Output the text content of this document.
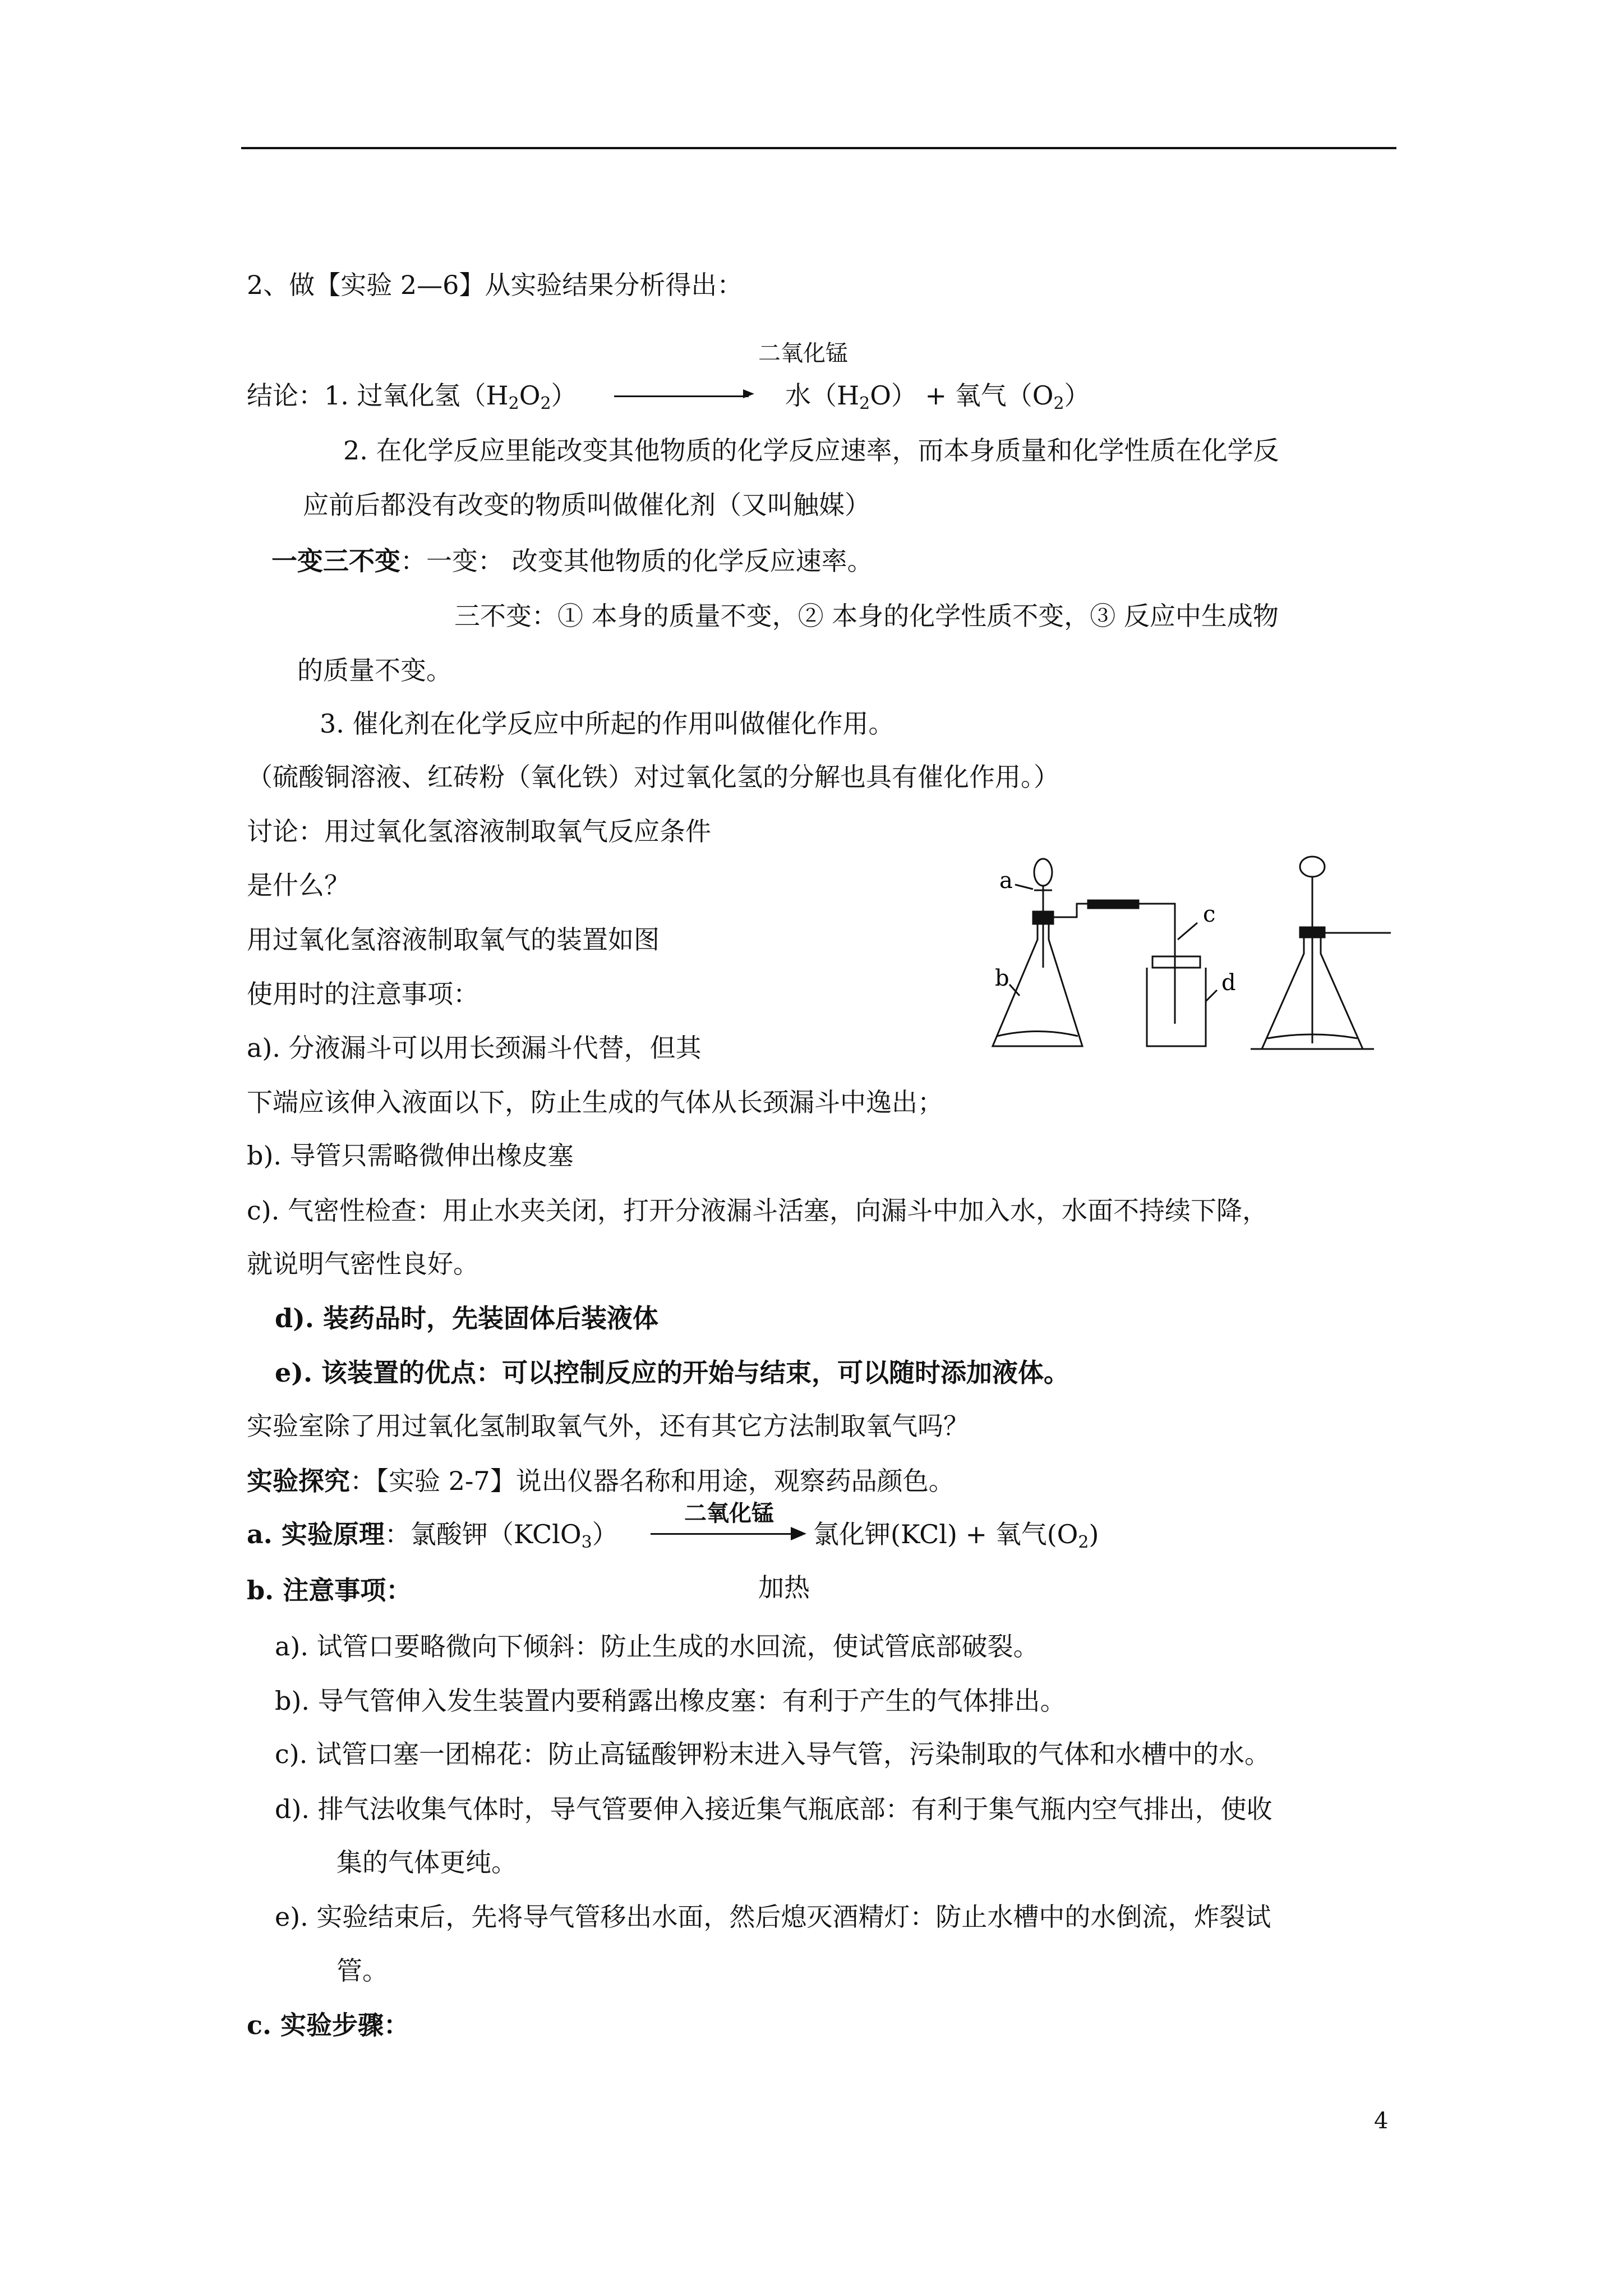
2、做【实验 2—6】从实验结果分析得出：
二氧化锰
结论：1. 过氧化氢$(H_2O_2)$	水$(H_2O)$ + 氧气$(O_2)$
2. 在化学反应里能改变其他物质的化学反应速率，而本身质量和化学性质在化学反
应前后都没有改变的物质叫做催化剂（又叫触媒）
一变三不变：一变： 改变其他物质的化学反应速率。
三不变：① 本身的质量不变，② 本身的化学性质不变，③ 反应中生成物
的质量不变。
3. 催化剂在化学反应中所起的作用叫做催化作用。
（硫酸铜溶液、红砖粉（氧化铁）对过氧化氢的分解也具有催化作用。）
讨论：用过氧化氢溶液制取氧气反应条件
是什么？
用过氧化氢溶液制取氧气的装置如图
使用时的注意事项：
a). 分液漏斗可以用长颈漏斗代替，但其
下端应该伸入液面以下，防止生成的气体从长颈漏斗中逸出；
b). 导管只需略微伸出橡皮塞
c). 气密性检查：用止水夹关闭，打开分液漏斗活塞，向漏斗中加入水，水面不持续下降，
就说明气密性良好。
d). 装药品时，先装固体后装液体
e). 该装置的优点：可以控制反应的开始与结束，可以随时添加液体。
实验室除了用过氧化氢制取氧气外，还有其它方法制取氧气吗？
实验探究：【实验 2-7】说出仪器名称和用途，观察药品颜色。
二氧化锰
a. 实验原理：氯酸钾（KClO$_3$）	氯化钾(KCl) + 氧气$(O_2)$
加热
b. 注意事项：
a). 试管口要略微向下倾斜：防止生成的水回流，使试管底部破裂。
b). 导气管伸入发生装置内要稍露出橡皮塞：有利于产生的气体排出。
c). 试管口塞一团棉花：防止高锰酸钾粉末进入导气管，污染制取的气体和水槽中的水。
d). 排气法收集气体时，导气管要伸入接近集气瓶底部：有利于集气瓶内空气排出，使收
集的气体更纯。
e). 实验结束后，先将导气管移出水面，然后熄灭酒精灯：防止水槽中的水倒流，炸裂试
管。
c. 实验步骤：
4
a
b
c
d
